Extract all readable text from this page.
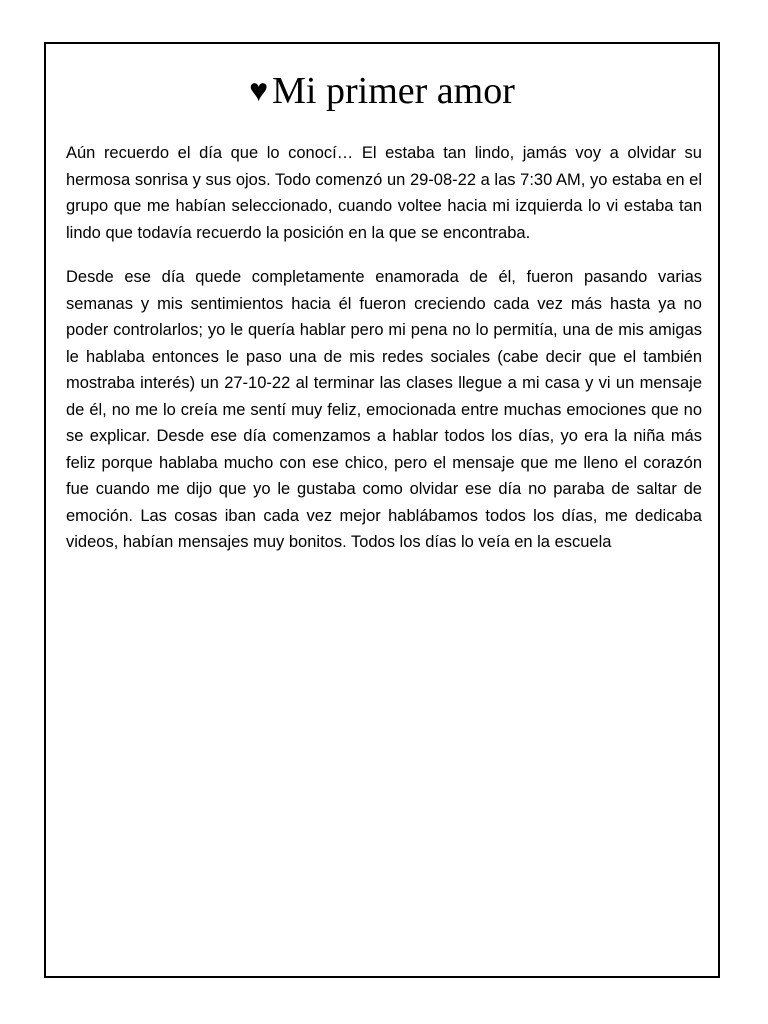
♥ Mi primer amor

Aún recuerdo el día que lo conocí… El estaba tan lindo, jamás voy a olvidar su hermosa sonrisa y sus ojos. Todo comenzó un 29-08-22 a las 7:30 AM, yo estaba en el grupo que me habían seleccionado, cuando voltee hacia mi izquierda lo vi estaba tan lindo que todavía recuerdo la posición en la que se encontraba.

Desde ese día quede completamente enamorada de él, fueron pasando varias semanas y mis sentimientos hacia él fueron creciendo cada vez más hasta ya no poder controlarlos; yo le quería hablar pero mi pena no lo permitía, una de mis amigas le hablaba entonces le paso una de mis redes sociales (cabe decir que el también mostraba interés) un 27-10-22 al terminar las clases llegue a mi casa y vi un mensaje de él, no me lo creía me sentí muy feliz, emocionada entre muchas emociones que no se explicar. Desde ese día comenzamos a hablar todos los días, yo era la niña más feliz porque hablaba mucho con ese chico, pero el mensaje que me lleno el corazón fue cuando me dijo que yo le gustaba como olvidar ese día no paraba de saltar de emoción. Las cosas iban cada vez mejor hablábamos todos los días, me dedicaba videos, habían mensajes muy bonitos. Todos los días lo veía en la escuela
